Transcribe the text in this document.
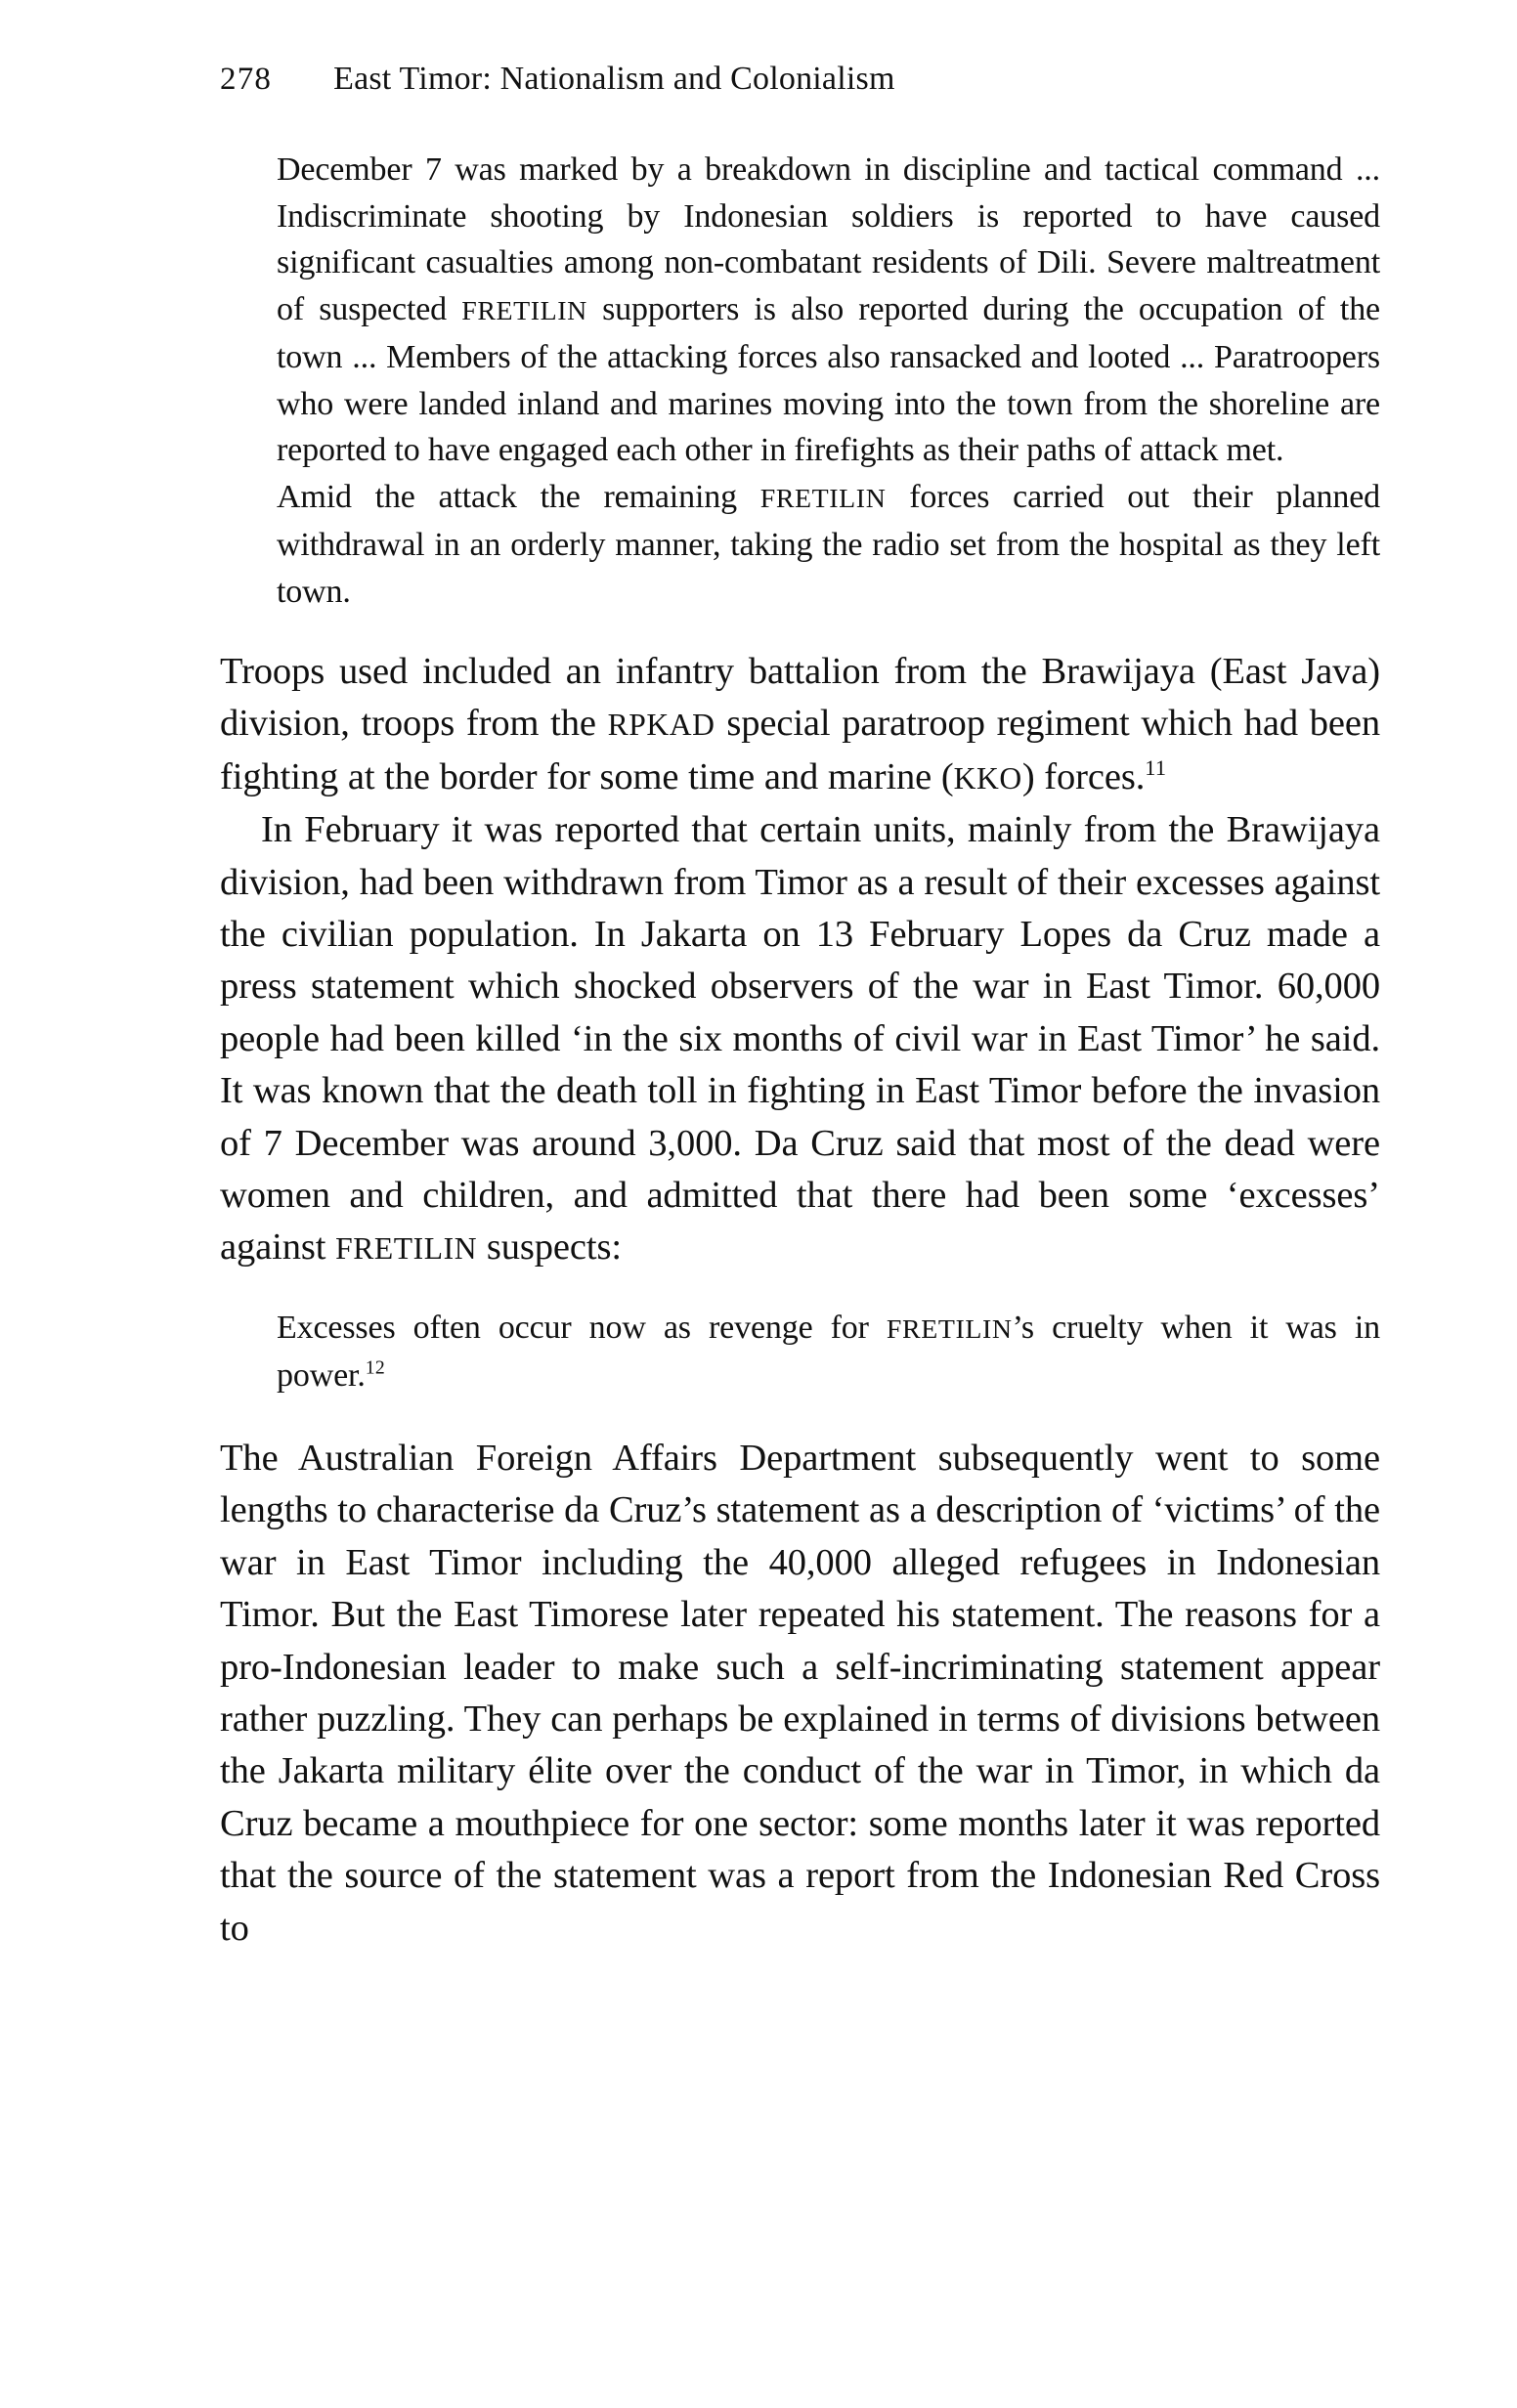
278 East Timor: Nationalism and Colonialism

December 7 was marked by a breakdown in discipline and tactical command ... Indiscriminate shooting by Indonesian soldiers is reported to have caused significant casualties among non-combatant residents of Dili. Severe maltreatment of suspected FRETILIN supporters is also reported during the occupation of the town ... Members of the attacking forces also ransacked and looted ... Paratroopers who were landed inland and marines moving into the town from the shoreline are reported to have engaged each other in firefights as their paths of attack met.

Amid the attack the remaining FRETILIN forces carried out their planned withdrawal in an orderly manner, taking the radio set from the hospital as they left town.

Troops used included an infantry battalion from the Brawijaya (East Java) division, troops from the RPKAD special paratroop regiment which had been fighting at the border for some time and marine (KKO) forces.$^{11}$

In February it was reported that certain units, mainly from the Brawijaya division, had been withdrawn from Timor as a result of their excesses against the civilian population. In Jakarta on 13 February Lopes da Cruz made a press statement which shocked observers of the war in East Timor. 60,000 people had been killed ‘in the six months of civil war in East Timor’ he said. It was known that the death toll in fighting in East Timor before the invasion of 7 December was around 3,000. Da Cruz said that most of the dead were women and children, and admitted that there had been some ‘excesses’ against FRETILIN suspects:

Excesses often occur now as revenge for FRETILIN’s cruelty when it was in power.$^{12}$

The Australian Foreign Affairs Department subsequently went to some lengths to characterise da Cruz’s statement as a description of ‘victims’ of the war in East Timor including the 40,000 alleged refugees in Indonesian Timor. But the East Timorese later repeated his statement. The reasons for a pro-Indonesian leader to make such a self-incriminating statement appear rather puzzling. They can perhaps be explained in terms of divisions between the Jakarta military élite over the conduct of the war in Timor, in which da Cruz became a mouthpiece for one sector: some months later it was reported that the source of the statement was a report from the Indonesian Red Cross to
